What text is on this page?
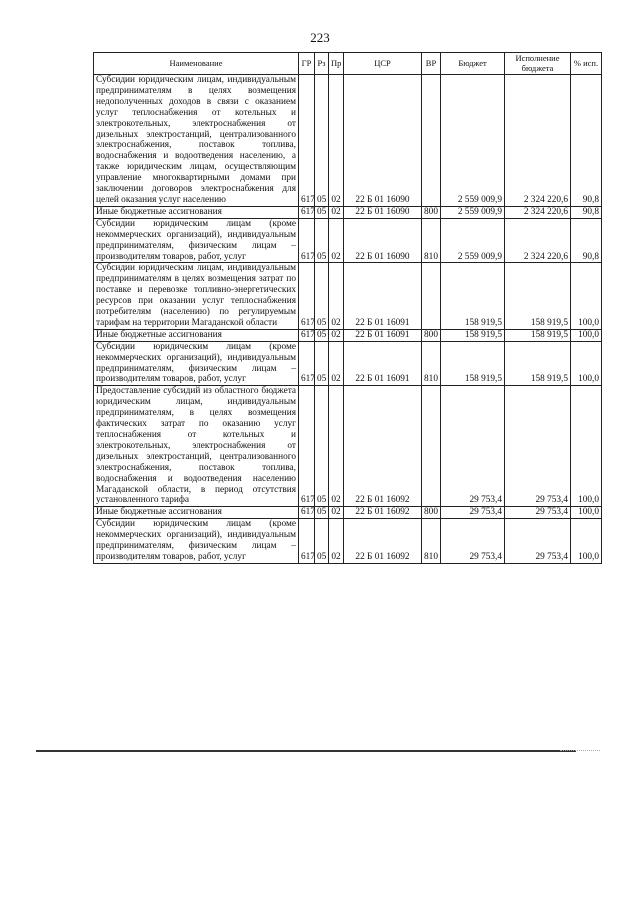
223
Наименование	ГР	Рз	Пр	ЦСР	ВР	Бюджет	Исполнение бюджета	% исп.
Субсидии юридическим лицам, индивидуальным предпринимателям в целях возмещения недополученных доходов в связи с оказанием услуг теплоснабжения от котельных и электрокотельных, электроснабжения от дизельных электростанций, централизованного электроснабжения, поставок топлива, водоснабжения и водоотведения населению, а также юридическим лицам, осуществляющим управление многоквартирными домами при заключении договоров электроснабжения для целей оказания услуг населению	617	05	02	22 Б 01 16090		2 559 009,9	2 324 220,6	90,8
Иные бюджетные ассигнования	617	05	02	22 Б 01 16090	800	2 559 009,9	2 324 220,6	90,8
Субсидии юридическим лицам (кроме некоммерческих организаций), индивидуальным предпринимателям, физическим лицам – производителям товаров, работ, услуг	617	05	02	22 Б 01 16090	810	2 559 009,9	2 324 220,6	90,8
Субсидии юридическим лицам, индивидуальным предпринимателям в целях возмещения затрат по поставке и перевозке топливно-энергетических ресурсов при оказании услуг теплоснабжения потребителям (населению) по регулируемым тарифам на территории Магаданской области	617	05	02	22 Б 01 16091		158 919,5	158 919,5	100,0
Иные бюджетные ассигнования	617	05	02	22 Б 01 16091	800	158 919,5	158 919,5	100,0
Субсидии юридическим лицам (кроме некоммерческих организаций), индивидуальным предпринимателям, физическим лицам – производителям товаров, работ, услуг	617	05	02	22 Б 01 16091	810	158 919,5	158 919,5	100,0
Предоставление субсидий из областного бюджета юридическим лицам, индивидуальным предпринимателям, в целях возмещения фактических затрат по оказанию услуг теплоснабжения от котельных и электрокотельных, электроснабжения от дизельных электростанций, централизованного электроснабжения, поставок топлива, водоснабжения и водоотведения населению Магаданской области, в период отсутствия установленного тарифа	617	05	02	22 Б 01 16092		29 753,4	29 753,4	100,0
Иные бюджетные ассигнования	617	05	02	22 Б 01 16092	800	29 753,4	29 753,4	100,0
Субсидии юридическим лицам (кроме некоммерческих организаций), индивидуальным предпринимателям, физическим лицам – производителям товаров, работ, услуг	617	05	02	22 Б 01 16092	810	29 753,4	29 753,4	100,0
